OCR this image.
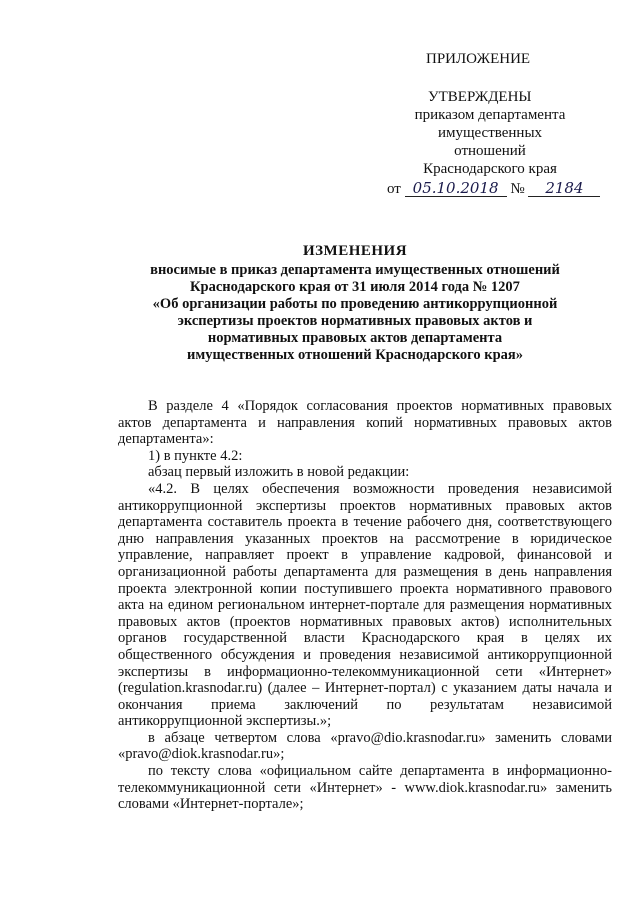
ПРИЛОЖЕНИЕ
УТВЕРЖДЕНЫ
приказом департамента
имущественных отношений
Краснодарского края
от 05.10.2018 № 2184
ИЗМЕНЕНИЯ
вносимые в приказ департамента имущественных отношений
Краснодарского края от 31 июля 2014 года № 1207
«Об организации работы по проведению антикоррупционной
экспертизы проектов нормативных правовых актов и
нормативных правовых актов департамента
имущественных отношений Краснодарского края»

В разделе 4 «Порядок согласования проектов нормативных правовых актов департамента и направления копий нормативных правовых актов департамента»:

1) в пункте 4.2:

абзац первый изложить в новой редакции:

«4.2. В целях обеспечения возможности проведения независимой антикоррупционной экспертизы проектов нормативных правовых актов департамента составитель проекта в течение рабочего дня, соответствующего дню направления указанных проектов на рассмотрение в юридическое управление, направляет проект в управление кадровой, финансовой и организационной работы департамента для размещения в день направления проекта электронной копии поступившего проекта нормативного правового акта на едином региональном интернет-портале для размещения нормативных правовых актов (проектов нормативных правовых актов) исполнительных органов государственной власти Краснодарского края в целях их общественного обсуждения и проведения независимой антикоррупционной экспертизы в информационно-телекоммуникационной сети «Интернет» (regulation.krasnodar.ru) (далее – Интернет-портал) с указанием даты начала и окончания приема заключений по результатам независимой антикоррупционной экспертизы.»;

в абзаце четвертом слова «pravo@dio.krasnodar.ru» заменить словами «pravo@diok.krasnodar.ru»;

по тексту слова «официальном сайте департамента в информационно-телекоммуникационной сети «Интернет» - www.diok.krasnodar.ru» заменить словами «Интернет-портале»;
